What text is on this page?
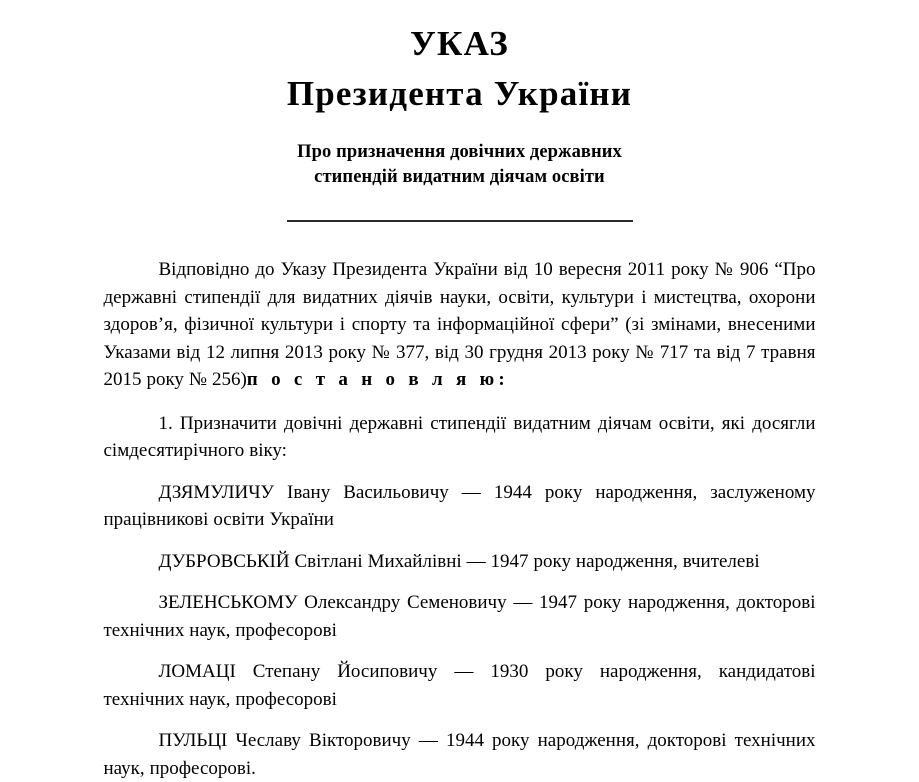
УКАЗ
Президента України
Про призначення довічних державних
стипендій видатним діячам освіти

Відповідно до Указу Президента України від 10 вересня 2011 року № 906 “Про державні стипендії для видатних діячів науки, освіти, культури і мистецтва, охорони здоров’я, фізичної культури і спорту та інформаційної сфери” (зі змінами, внесеними Указами від 12 липня 2013 року № 377, від 30 грудня 2013 року № 717 та від 7 травня 2015 року № 256)п о с т а н о в л я ю:

1. Призначити довічні державні стипендії видатним діячам освіти, які досягли сімдесятирічного віку:

ДЗЯМУЛИЧУ Івану Васильовичу — 1944 року народження, заслуженому працівникові освіти України

ДУБРОВСЬКІЙ Світлані Михайлівні — 1947 року народження, вчителеві

ЗЕЛЕНСЬКОМУ Олександру Семеновичу — 1947 року народження, докторові технічних наук, професорові

ЛОМАЦІ Степану Йосиповичу — 1930 року народження, кандидатові технічних наук, професорові

ПУЛЬЦІ Чеславу Вікторовичу — 1944 року народження, докторові технічних наук, професорові.
